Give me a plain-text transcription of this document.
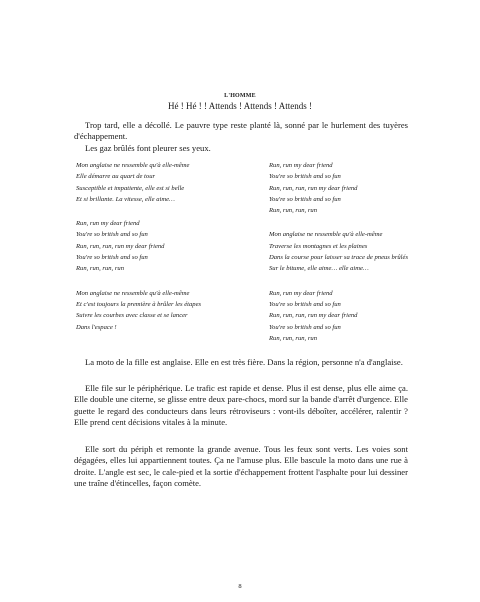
L'HOMME
Hé ! Hé ! ! Attends ! Attends ! Attends !

Trop tard, elle a décollé. Le pauvre type reste planté là, sonné par le hurlement des tuyères d'échappement.

Les gaz brûlés font pleurer ses yeux.

Mon anglaise ne ressemble qu'à elle-même
Elle démarre au quart de tour
Susceptible et impatiente, elle est si belle
Et si brillante. La vitesse, elle aime…
Run, run my dear friend
You're so british and so fun
Run, run, run, run my dear friend
You're so british and so fun
Run, run, run, run
Mon anglaise ne ressemble qu'à elle-même
Et c'est toujours la première à brûler les étapes
Suivre les courbes avec classe et se lancer
Dans l'espace !
Run, run my dear friend
You're so british and so fun
Run, run, run, run my dear friend
You're so british and so fun
Run, run, run, run
Mon anglaise ne ressemble qu'à elle-même
Traverse les montagnes et les plaines
Dans la course pour laisser sa trace de pneus brûlés
Sur le bitume, elle aime… elle aime…
Run, run my dear friend
You're so british and so fun
Run, run, run, run my dear friend
You're so british and so fun
Run, run, run, run

La moto de la fille est anglaise. Elle en est très fière. Dans la région, personne n'a d'anglaise.

Elle file sur le périphérique. Le trafic est rapide et dense. Plus il est dense, plus elle aime ça. Elle double une citerne, se glisse entre deux pare-chocs, mord sur la bande d'arrêt d'urgence. Elle guette le regard des conducteurs dans leurs rétroviseurs : vont-ils déboîter, accélérer, ralentir ? Elle prend cent décisions vitales à la minute.

Elle sort du périph et remonte la grande avenue. Tous les feux sont verts. Les voies sont dégagées, elles lui appartiennent toutes. Ça ne l'amuse plus. Elle bascule la moto dans une rue à droite. L'angle est sec, le cale-pied et la sortie d'échappement frottent l'asphalte pour lui dessiner une traîne d'étincelles, façon comète.

8
